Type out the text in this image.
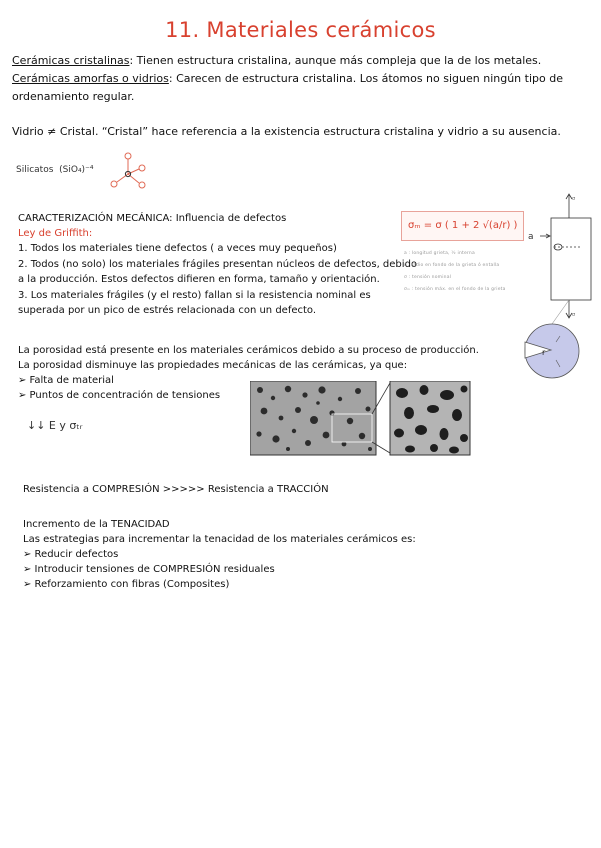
11. Materiales cerámicos
Cerámicas cristalinas: Tienen estructura cristalina, aunque más compleja que la de los metales.
Cerámicas amorfas o vidrios: Carecen de estructura cristalina. Los átomos no siguen ningún tipo de
ordenamiento regular.
Vidrio ≠ Cristal. “Cristal” hace referencia a la existencia estructura cristalina y vidrio a su ausencia.
Silicatos (SiO₄)⁻⁴
CARACTERIZACIÓN MECÁNICA: Influencia de defectos
Ley de Griffith:
1. Todos los materiales tiene defectos ( a veces muy pequeños)
2. Todos (no solo) los materiales frágiles presentan núcleos de defectos, debido
a la producción. Estos defectos difieren en forma, tamaño y orientación.
3. Los materiales frágiles (y el resto) fallan si la resistencia nominal es
superada por un pico de estrés relacionada con un defecto.
σₘ = σ ( 1 + 2 √(a/r) )
a : longitud grieta, ½ interna
r : radio en fondo de la grieta ó entalla
σ : tensión nominal
σₘ : tensión máx. en el fondo de la grieta
a
σ
σ
r
La porosidad está presente en los materiales cerámicos debido a su proceso de producción.
La porosidad disminuye las propiedades mecánicas de las cerámicas, ya que:
➢ Falta de material
➢ Puntos de concentración de tensiones
↓↓ E y σₜᵣ
Resistencia a COMPRESIÓN >>>>> Resistencia a TRACCIÓN
Incremento de la TENACIDAD
Las estrategias para incrementar la tenacidad de los materiales cerámicos es:
➢ Reducir defectos
➢ Introducir tensiones de COMPRESIÓN residuales
➢ Reforzamiento con fibras (Composites)
